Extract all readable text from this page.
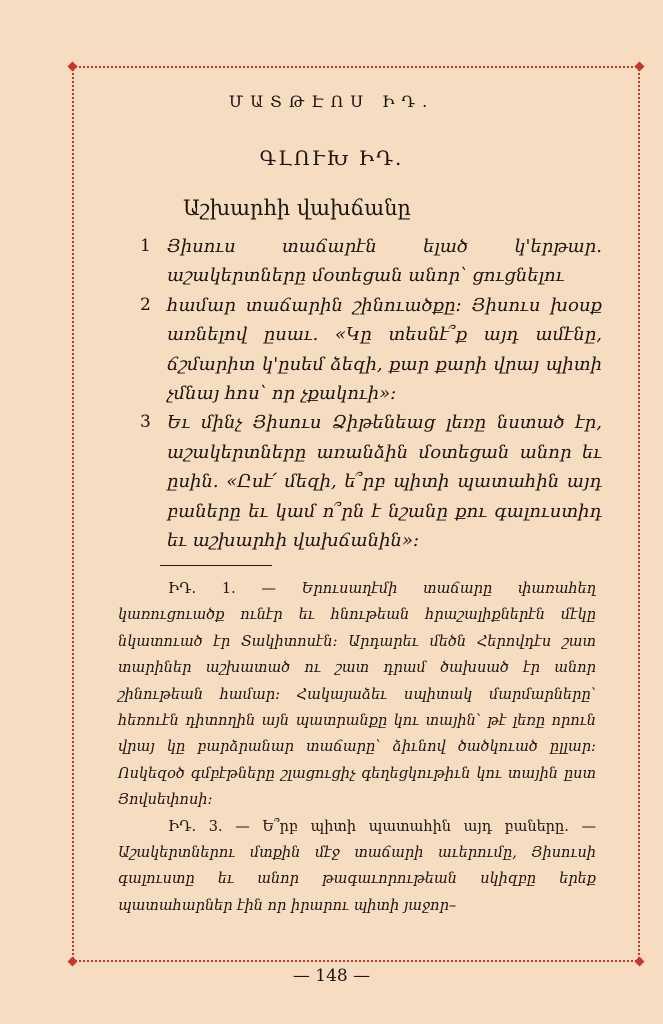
ՄԱՏԹԷՈՍ ԻԴ.
ԳԼՈՒԽ ԻԴ.
Աշխարհի վախճանը
1 Յիսուս տաճարէն ելած կ'երթար. աշակերտները մօտեցան անոր՝ ցուցնելու
2 համար տաճարին շինուածքը։ Յիսուս խօսք առնելով ըսաւ. «Կը տեսնէ՞ք այդ ամէնը, ճշմարիտ կ'ըսեմ ձեզի, քար քարի վրայ պիտի չմնայ հոս՝ որ չքակուի»։
3 Եւ մինչ Յիսուս Ձիթենեաց լեռը նստած էր, աշակերտները առանձին մօտեցան անոր եւ ըսին. «Ըսէ՛ մեզի, ե՞րբ պիտի պատահին այդ բաները եւ կամ ո՞րն է նշանը քու գալուստիդ եւ աշխարհի վախճանին»։

ԻԴ. 1. — Երուսաղէմի տաճարը փառահեղ կառուցուածք ունէր եւ հնութեան հրաշալիքներէն մէկը նկատուած էր Տակիտոսէն։ Արդարեւ մեծն Հերովդէս շատ տարիներ աշխատած ու շատ դրամ ծախսած էր անոր շինութեան համար։ Հակայաձեւ սպիտակ մարմարները՝ հեռուէն դիտողին այն պատրանքը կու տային՝ թէ լեռը որուն վրայ կը բարձրանար տաճարը՝ ձիւնով ծածկուած ըլլար։ Ոսկեզօծ գմբէթները շլացուցիչ գեղեցկութիւն կու տային ըստ Յովսեփոսի։

ԻԴ. 3. — Ե՞րբ պիտի պատահին այդ բաները. — Աշակերտներու մտքին մէջ տաճարի աւերումը, Յիսուսի գալուստը եւ անոր թագաւորութեան սկիզբը երեք պատահարներ էին որ իրարու պիտի յաջոր–

— 148 —
